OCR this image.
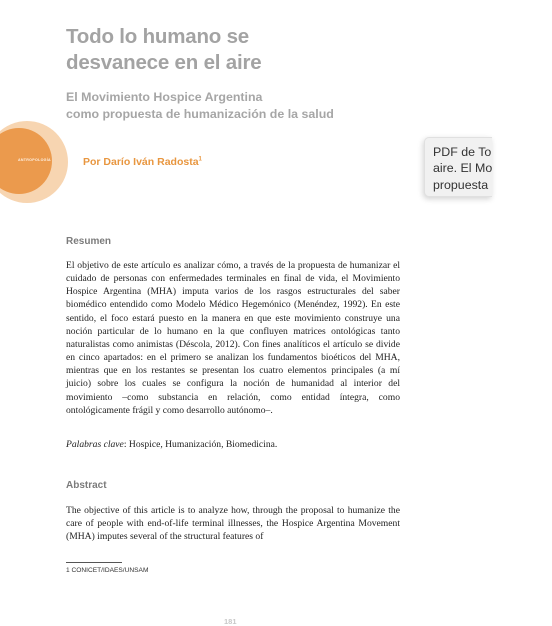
Todo lo humano se
desvanece en el aire
El Movimiento Hospice Argentina
como propuesta de humanización de la salud
ANTROPOLOGÍA	Por Darío Iván Radosta$^1$
Resumen

El objetivo de este artículo es analizar cómo, a través de la propuesta de humanizar el cuidado de personas con enfermedades terminales en final de vida, el Movimiento Hospice Argentina (MHA) imputa varios de los rasgos estructurales del saber biomédico entendido como Modelo Médico Hegemónico (Menéndez, 1992). En este sentido, el foco estará puesto en la manera en que este movimiento construye una noción particular de lo humano en la que confluyen matrices ontológicas tanto naturalistas como animistas (Déscola, 2012). Con fines analíticos el artículo se divide en cinco apartados: en el primero se analizan los fundamentos bioéticos del MHA, mientras que en los restantes se presentan los cuatro elementos principales (a mí juicio) sobre los cuales se configura la noción de humanidad al interior del movimiento –como substancia en relación, como entidad íntegra, como ontológicamente frágil y como desarrollo autónomo–.

Palabras clave: Hospice, Humanización, Biomedicina.

Abstract

The objective of this article is to analyze how, through the proposal to humanize the care of people with end-of-life terminal illnesses, the Hospice Argentina Movement (MHA) imputes several of the structural features of

1 CONICET/IDAES/UNSAM
181
PDF de To
aire. El Mo
propuesta
